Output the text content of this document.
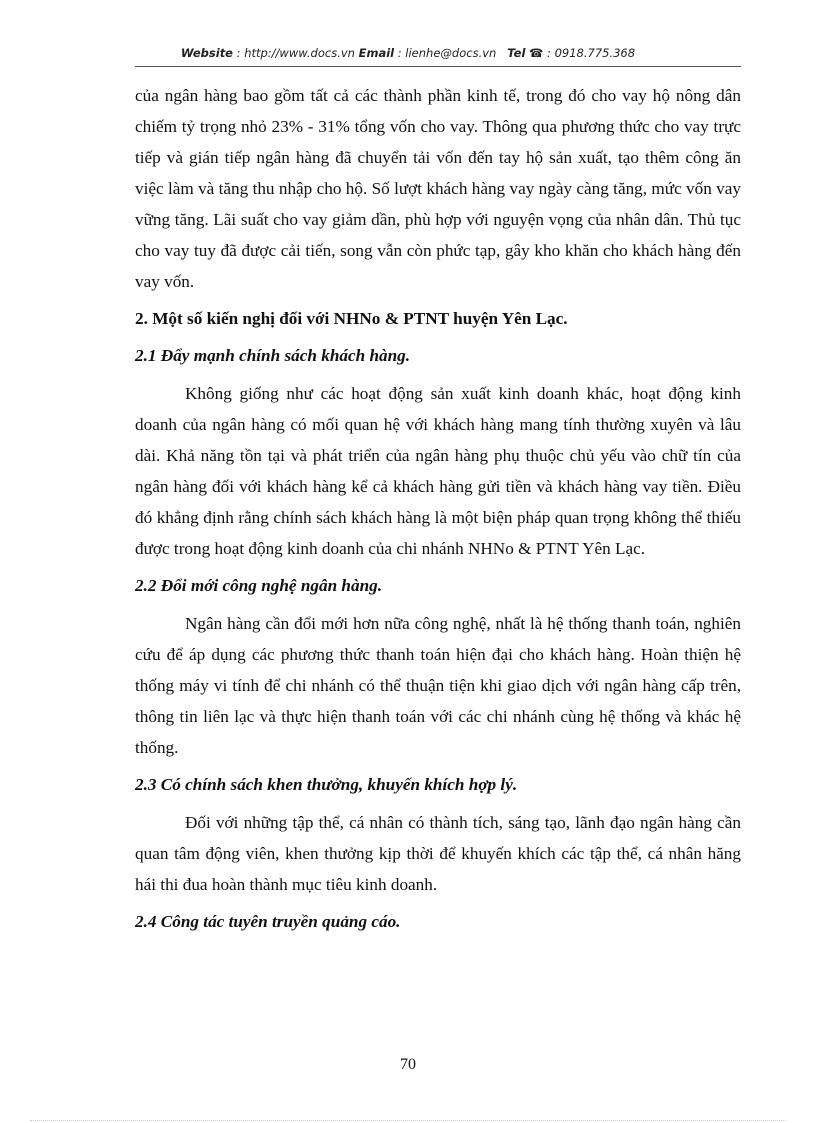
Website : http://www.docs.vn Email : lienhe@docs.vn Tel ☎ : 0918.775.368

của ngân hàng bao gồm tất cả các thành phần kinh tế, trong đó cho vay hộ nông dân chiếm tỷ trọng nhỏ 23% - 31% tổng vốn cho vay. Thông qua phương thức cho vay trực tiếp và gián tiếp ngân hàng đã chuyển tải vốn đến tay hộ sản xuất, tạo thêm công ăn việc làm và tăng thu nhập cho hộ. Số lượt khách hàng vay ngày càng tăng, mức vốn vay vững tăng. Lãi suất cho vay giảm dần, phù hợp với nguyện vọng của nhân dân. Thủ tục cho vay tuy đã được cải tiến, song vẫn còn phức tạp, gây kho khăn cho khách hàng đến vay vốn.

2. Một số kiến nghị đối với NHNo & PTNT huyện Yên Lạc.
2.1 Đẩy mạnh chính sách khách hàng.

Không giống như các hoạt động sản xuất kinh doanh khác, hoạt động kinh doanh của ngân hàng có mối quan hệ với khách hàng mang tính thường xuyên và lâu dài. Khả năng tồn tại và phát triển của ngân hàng phụ thuộc chủ yếu vào chữ tín của ngân hàng đối với khách hàng kể cả khách hàng gửi tiền và khách hàng vay tiền. Điều đó khẳng định rằng chính sách khách hàng là một biện pháp quan trọng không thể thiếu được trong hoạt động kinh doanh của chi nhánh NHNo & PTNT Yên Lạc.

2.2 Đổi mới công nghệ ngân hàng.

Ngân hàng cần đổi mới hơn nữa công nghệ, nhất là hệ thống thanh toán, nghiên cứu để áp dụng các phương thức thanh toán hiện đại cho khách hàng. Hoàn thiện hệ thống máy vi tính để chi nhánh có thể thuận tiện khi giao dịch với ngân hàng cấp trên, thông tin liên lạc và thực hiện thanh toán với các chi nhánh cùng hệ thống và khác hệ thống.

2.3 Có chính sách khen thưởng, khuyến khích hợp lý.

Đối với những tập thể, cá nhân có thành tích, sáng tạo, lãnh đạo ngân hàng cần quan tâm động viên, khen thưởng kịp thời để khuyến khích các tập thể, cá nhân hăng hái thi đua hoàn thành mục tiêu kinh doanh.

2.4 Công tác tuyên truyền quảng cáo.
70
